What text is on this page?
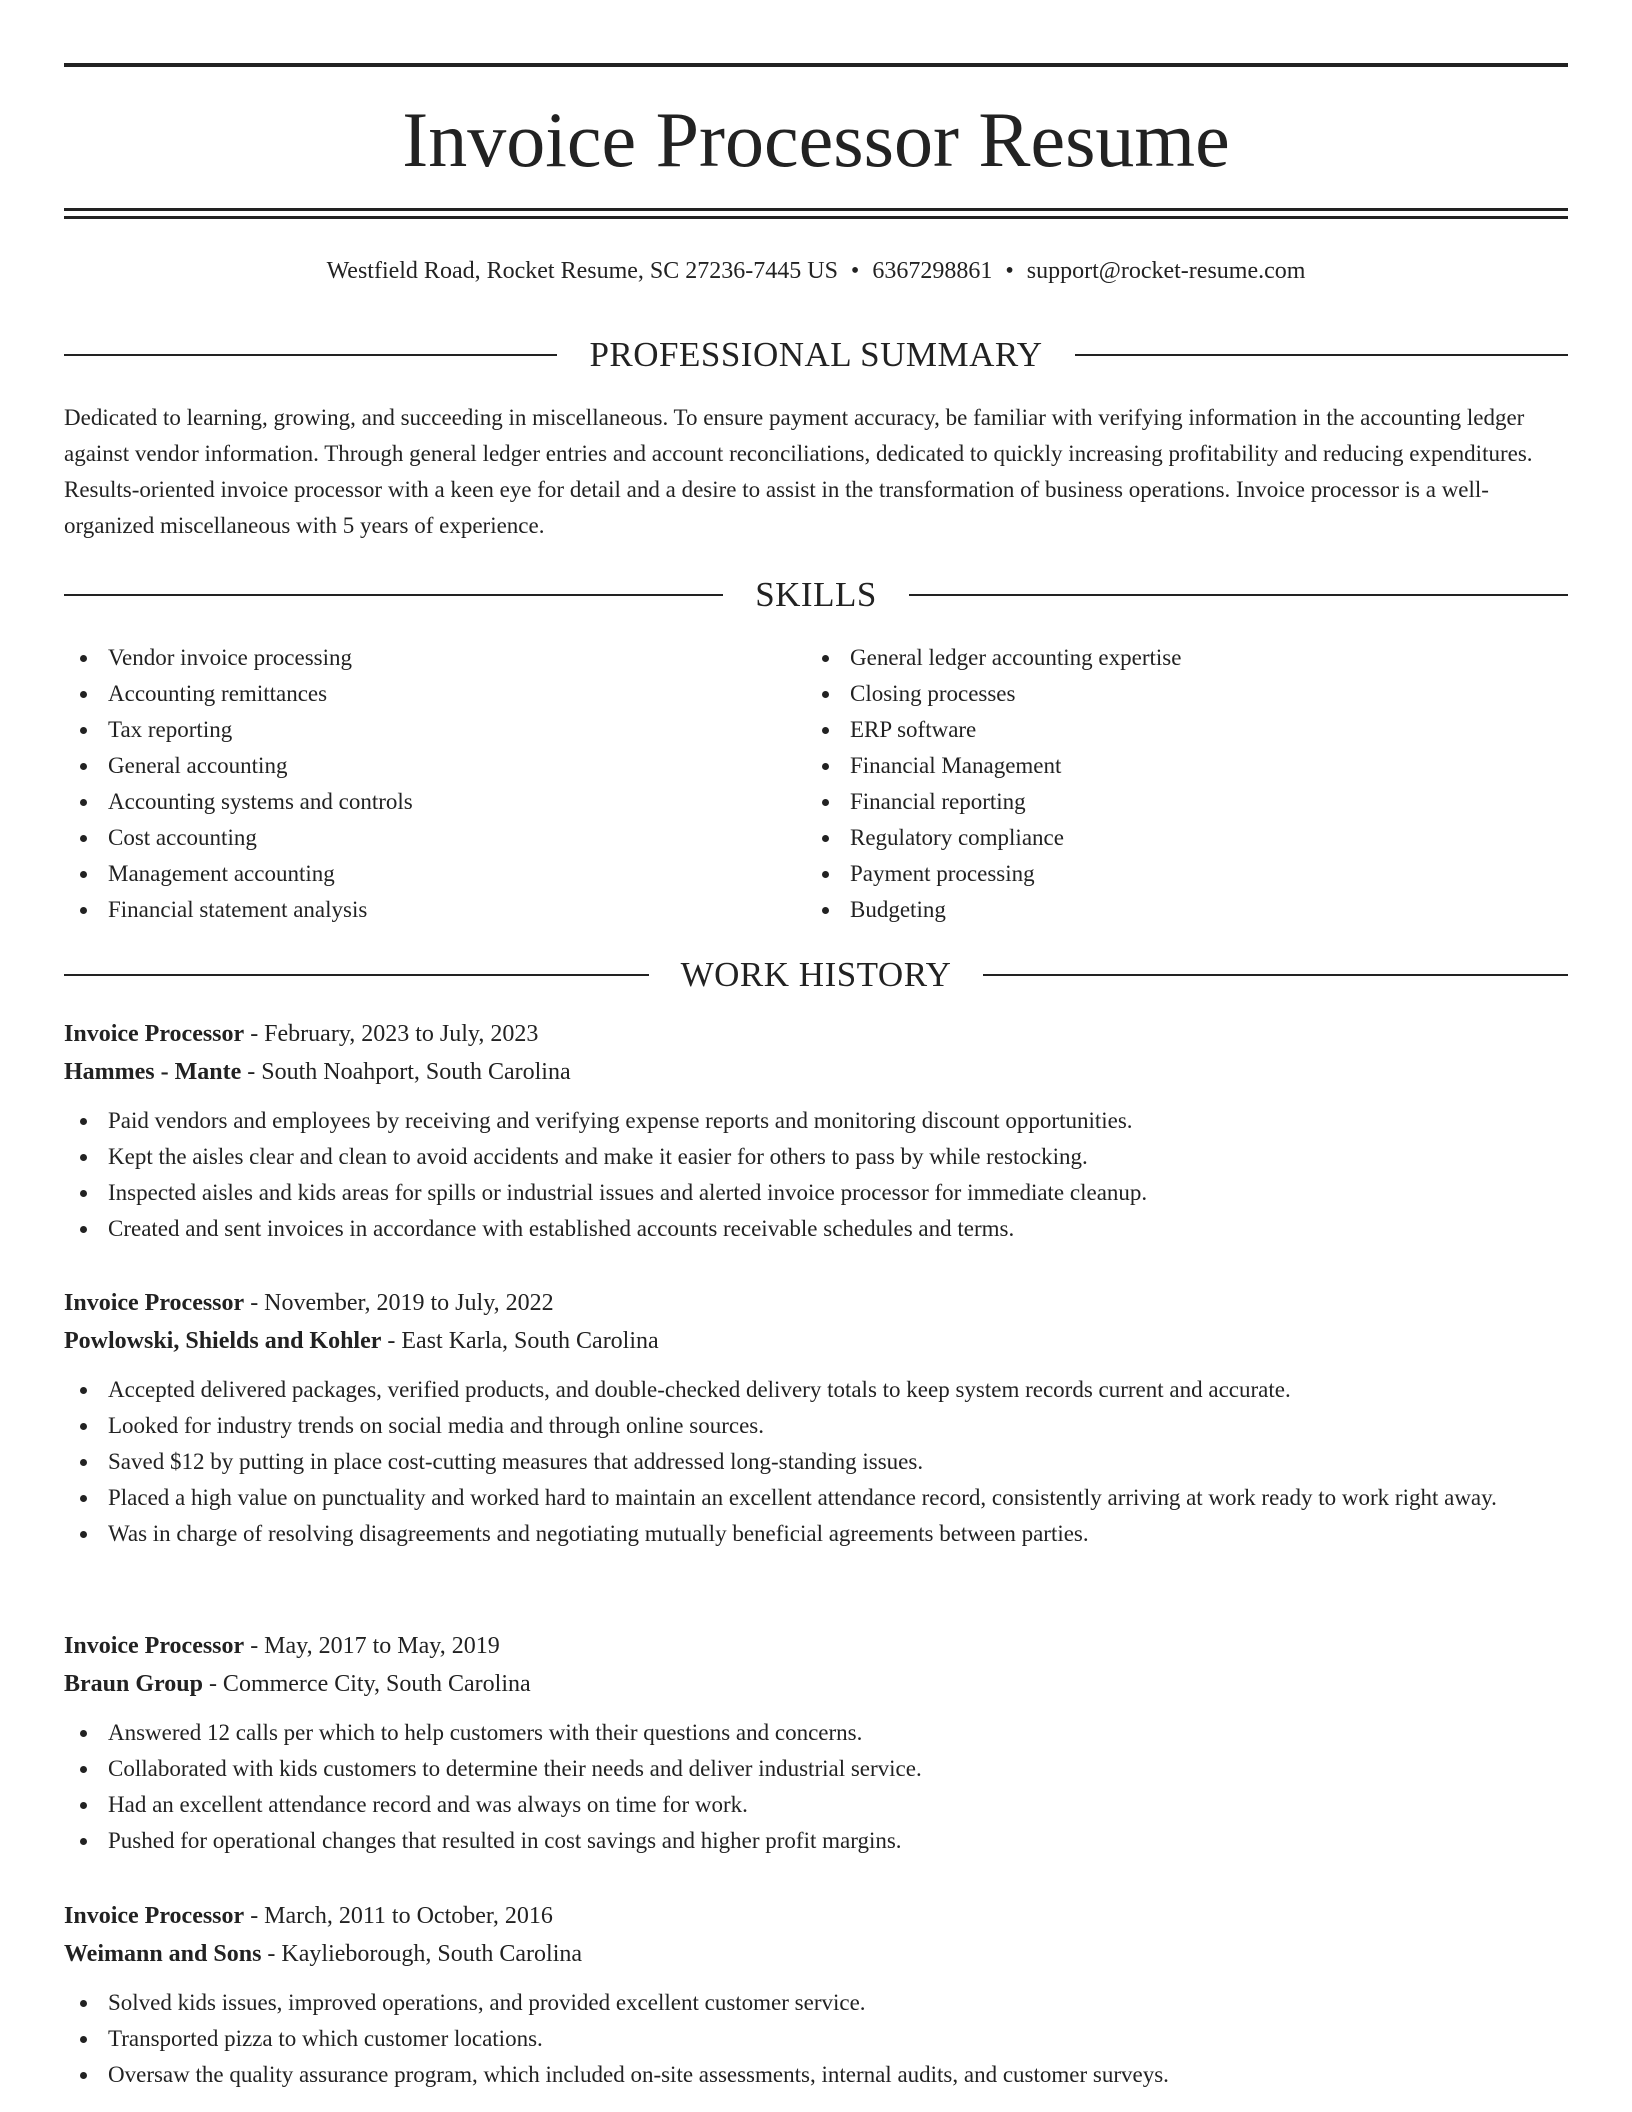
Invoice Processor Resume
Westfield Road, Rocket Resume, SC 27236-7445 US • 6367298861 • support@rocket-resume.com
PROFESSIONAL SUMMARY

Dedicated to learning, growing, and succeeding in miscellaneous. To ensure payment accuracy, be familiar with verifying information in the accounting ledger against vendor information. Through general ledger entries and account reconciliations, dedicated to quickly increasing profitability and reducing expenditures. Results-oriented invoice processor with a keen eye for detail and a desire to assist in the transformation of business operations. Invoice processor is a well-organized miscellaneous with 5 years of experience.

SKILLS
Vendor invoice processing
Accounting remittances
Tax reporting
General accounting
Accounting systems and controls
Cost accounting
Management accounting
Financial statement analysis
General ledger accounting expertise
Closing processes
ERP software
Financial Management
Financial reporting
Regulatory compliance
Payment processing
Budgeting
WORK HISTORY
Invoice Processor - February, 2023 to July, 2023
Hammes - Mante - South Noahport, South Carolina
Paid vendors and employees by receiving and verifying expense reports and monitoring discount opportunities.
Kept the aisles clear and clean to avoid accidents and make it easier for others to pass by while restocking.
Inspected aisles and kids areas for spills or industrial issues and alerted invoice processor for immediate cleanup.
Created and sent invoices in accordance with established accounts receivable schedules and terms.
Invoice Processor - November, 2019 to July, 2022
Powlowski, Shields and Kohler - East Karla, South Carolina
Accepted delivered packages, verified products, and double-checked delivery totals to keep system records current and accurate.
Looked for industry trends on social media and through online sources.
Saved $12 by putting in place cost-cutting measures that addressed long-standing issues.
Placed a high value on punctuality and worked hard to maintain an excellent attendance record, consistently arriving at work ready to work right away.
Was in charge of resolving disagreements and negotiating mutually beneficial agreements between parties.
Invoice Processor - May, 2017 to May, 2019
Braun Group - Commerce City, South Carolina
Answered 12 calls per which to help customers with their questions and concerns.
Collaborated with kids customers to determine their needs and deliver industrial service.
Had an excellent attendance record and was always on time for work.
Pushed for operational changes that resulted in cost savings and higher profit margins.
Invoice Processor - March, 2011 to October, 2016
Weimann and Sons - Kaylieborough, South Carolina
Solved kids issues, improved operations, and provided excellent customer service.
Transported pizza to which customer locations.
Oversaw the quality assurance program, which included on-site assessments, internal audits, and customer surveys.
